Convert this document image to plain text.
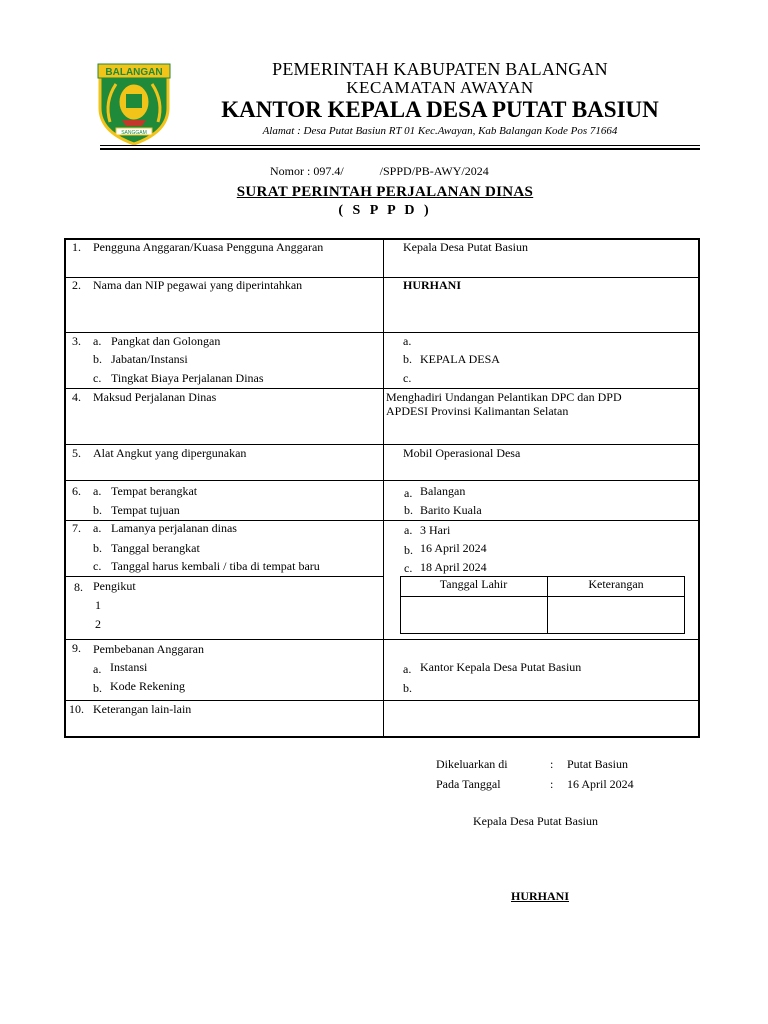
BALANGAN
SANGGAM
PEMERINTAH KABUPATEN BALANGAN
KECAMATAN AWAYAN
KANTOR KEPALA DESA PUTAT BASIUN
Alamat : Desa Putat Basiun RT 01 Kec.Awayan, Kab Balangan Kode Pos 71664
Nomor : 097.4/	/SPPD/PB-AWY/2024
SURAT PERINTAH PERJALANAN DINAS
( S P P D )
1. Pengguna Anggaran/Kuasa Pengguna Anggaran	Kepala Desa Putat Basiun
2. Nama dan NIP pegawai yang diperintahkan	HURHANI
3. a. Pangkat dan Golongan
b. Jabatan/Instansi
c. Tingkat Biaya Perjalanan Dinas
a.
b. KEPALA DESA
c.
4. Maksud Perjalanan Dinas	Menghadiri Undangan Pelantikan DPC dan DPD
APDESI Provinsi Kalimantan Selatan
5. Alat Angkut yang dipergunakan	Mobil Operasional Desa
6. a. Tempat berangkat
b. Tempat tujuan
a. Balangan
b. Barito Kuala
7. a. Lamanya perjalanan dinas
b. Tanggal berangkat
c. Tanggal harus kembali / tiba di tempat baru
a. 3 Hari
b. 16 April 2024
c. 18 April 2024
8. Pengikut
1
2
Tanggal Lahir	Keterangan
9. Pembebanan Anggaran
a. Instansi
b. Kode Rekening
a. Kantor Kepala Desa Putat Basiun
b.
10. Keterangan lain-lain
Dikeluarkan di	: Putat Basiun
Pada Tanggal	: 16 April 2024
Kepala Desa Putat Basiun
HURHANI
